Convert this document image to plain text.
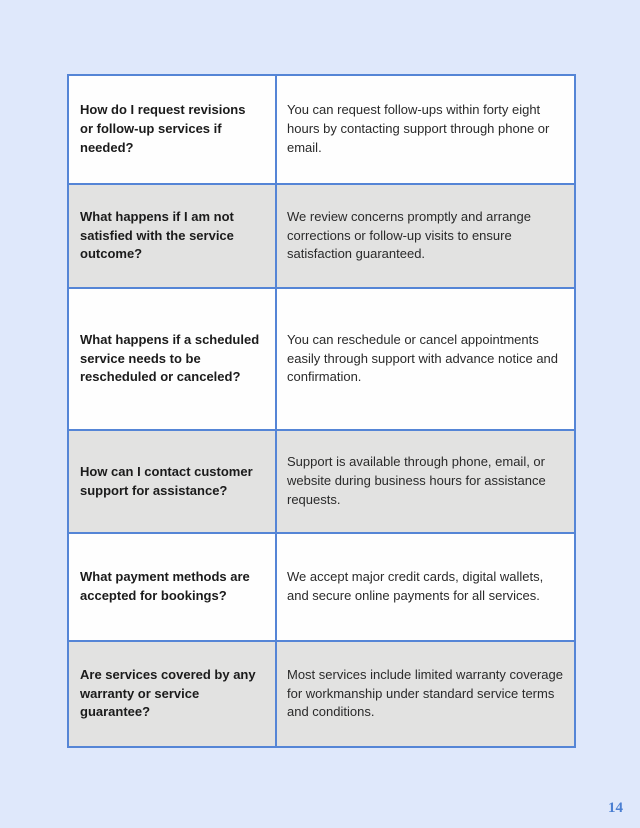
How do I request revisions or follow-up services if needed?	You can request follow-ups within forty eight hours by contacting support through phone or email.

What happens if I am not satisfied with the service outcome?	We review concerns promptly and arrange corrections or follow-up visits to ensure satisfaction guaranteed.

What happens if a scheduled service needs to be rescheduled or canceled?	You can reschedule or cancel appointments easily through support with advance notice and confirmation.

How can I contact customer support for assistance?	Support is available through phone, email, or website during business hours for assistance requests.

What payment methods are accepted for bookings?	We accept major credit cards, digital wallets, and secure online payments for all services.

Are services covered by any warranty or service guarantee?	Most services include limited warranty coverage for workmanship under standard service terms and conditions.
14
